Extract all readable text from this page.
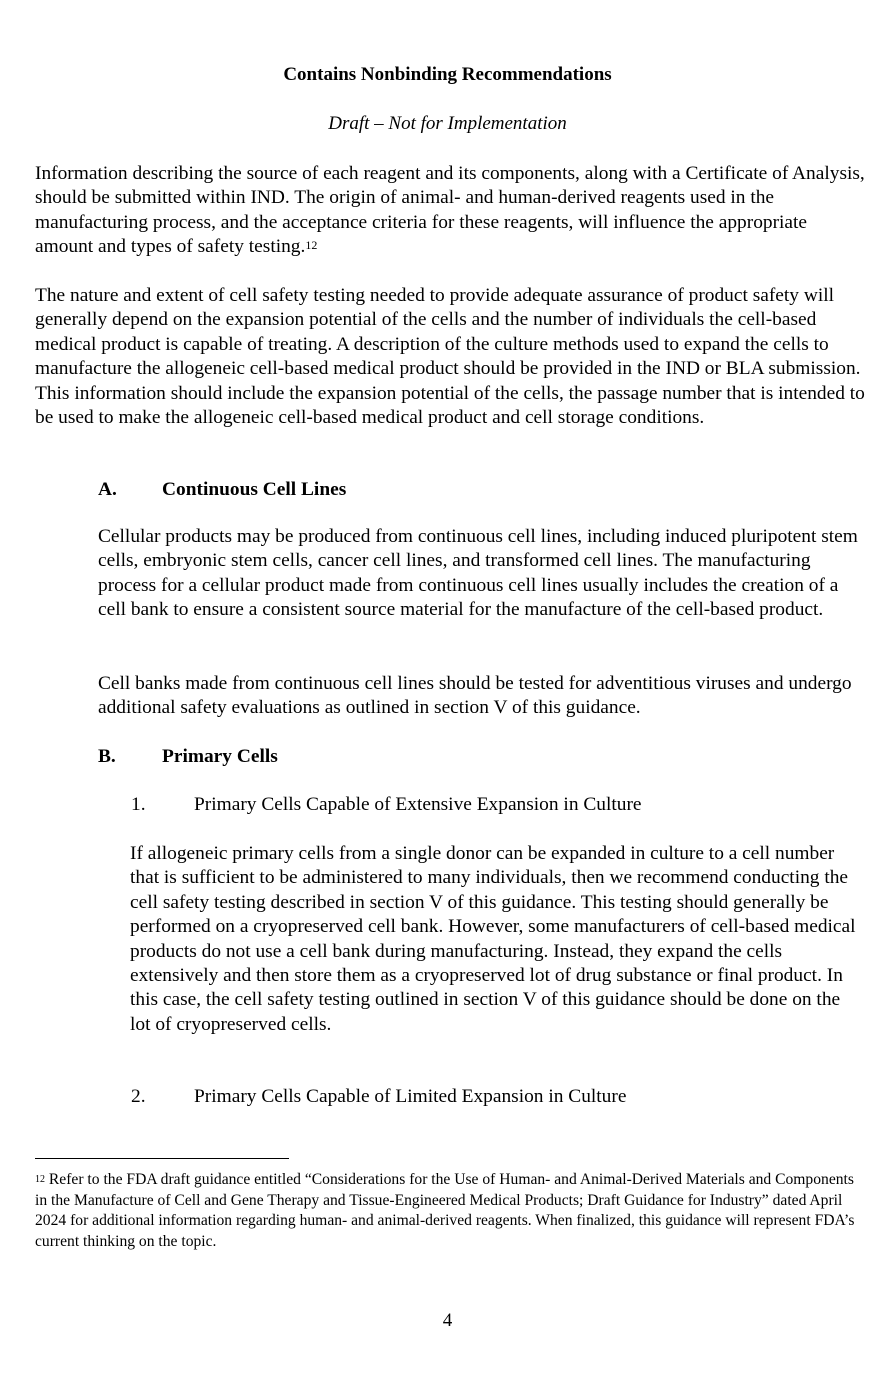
Contains Nonbinding Recommendations

Draft – Not for Implementation

Information describing the source of each reagent and its components, along with a Certificate of Analysis, should be submitted within IND. The origin of animal- and human-derived reagents used in the manufacturing process, and the acceptance criteria for these reagents, will influence the appropriate amount and types of safety testing.$^{12}$

The nature and extent of cell safety testing needed to provide adequate assurance of product safety will generally depend on the expansion potential of the cells and the number of individuals the cell-based medical product is capable of treating. A description of the culture methods used to expand the cells to manufacture the allogeneic cell-based medical product should be provided in the IND or BLA submission. This information should include the expansion potential of the cells, the passage number that is intended to be used to make the allogeneic cell-based medical product and cell storage conditions.

A. Continuous Cell Lines

Cellular products may be produced from continuous cell lines, including induced pluripotent stem cells, embryonic stem cells, cancer cell lines, and transformed cell lines. The manufacturing process for a cellular product made from continuous cell lines usually includes the creation of a cell bank to ensure a consistent source material for the manufacture of the cell-based product.

Cell banks made from continuous cell lines should be tested for adventitious viruses and undergo additional safety evaluations as outlined in section V of this guidance.

B. Primary Cells
1. Primary Cells Capable of Extensive Expansion in Culture

If allogeneic primary cells from a single donor can be expanded in culture to a cell number that is sufficient to be administered to many individuals, then we recommend conducting the cell safety testing described in section V of this guidance. This testing should generally be performed on a cryopreserved cell bank. However, some manufacturers of cell-based medical products do not use a cell bank during manufacturing. Instead, they expand the cells extensively and then store them as a cryopreserved lot of drug substance or final product. In this case, the cell safety testing outlined in section V of this guidance should be done on the lot of cryopreserved cells.

2. Primary Cells Capable of Limited Expansion in Culture

$^{12}$ Refer to the FDA draft guidance entitled “Considerations for the Use of Human- and Animal-Derived Materials and Components in the Manufacture of Cell and Gene Therapy and Tissue-Engineered Medical Products; Draft Guidance for Industry” dated April 2024 for additional information regarding human- and animal-derived reagents. When finalized, this guidance will represent FDA’s current thinking on the topic.

4
